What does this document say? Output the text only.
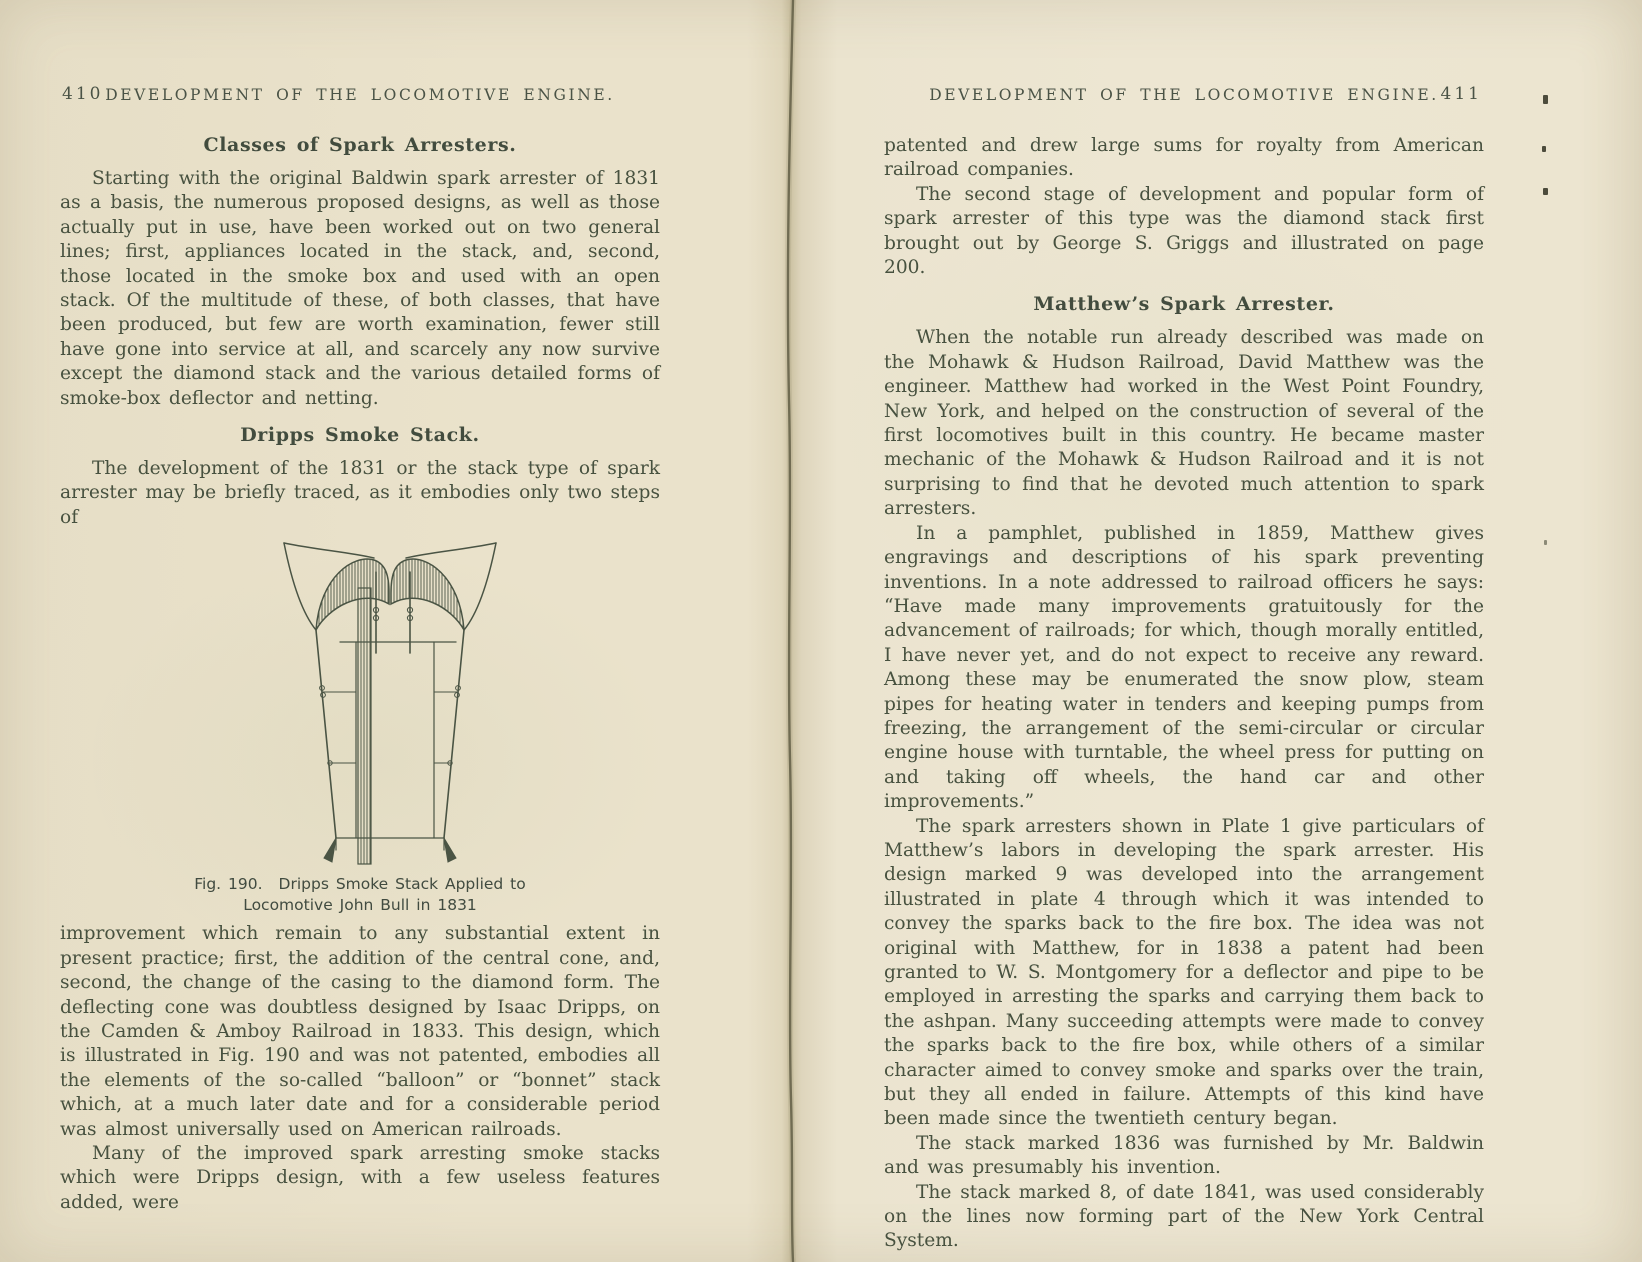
410 DEVELOPMENT OF THE LOCOMOTIVE ENGINE.
Classes of Spark Arresters.

Starting with the original Baldwin spark arrester of 1831 as a basis, the numerous proposed designs, as well as those actually put in use, have been worked out on two general lines; first, appliances located in the stack, and, second, those located in the smoke box and used with an open stack. Of the multitude of these, of both classes, that have been produced, but few are worth examination, fewer still have gone into service at all, and scarcely any now survive except the diamond stack and the various detailed forms of smoke-box deflector and netting.

Dripps Smoke Stack.

The development of the 1831 or the stack type of spark arrester may be briefly traced, as it embodies only two steps of

Fig. 190. Dripps Smoke Stack Applied to
Locomotive John Bull in 1831

improvement which remain to any substantial extent in present practice; first, the addition of the central cone, and, second, the change of the casing to the diamond form. The deflecting cone was doubtless designed by Isaac Dripps, on the Camden & Amboy Railroad in 1833. This design, which is illustrated in Fig. 190 and was not patented, embodies all the elements of the so-called “balloon” or “bonnet” stack which, at a much later date and for a considerable period was almost universally used on American railroads.

Many of the improved spark arresting smoke stacks which were Dripps design, with a few useless features added, were

DEVELOPMENT OF THE LOCOMOTIVE ENGINE. 411

patented and drew large sums for royalty from American railroad companies.

The second stage of development and popular form of spark arrester of this type was the diamond stack first brought out by George S. Griggs and illustrated on page 200.

Matthew’s Spark Arrester.

When the notable run already described was made on the Mohawk & Hudson Railroad, David Matthew was the engineer. Matthew had worked in the West Point Foundry, New York, and helped on the construction of several of the first locomotives built in this country. He became master mechanic of the Mohawk & Hudson Railroad and it is not surprising to find that he devoted much attention to spark arresters.

In a pamphlet, published in 1859, Matthew gives engravings and descriptions of his spark preventing inventions. In a note addressed to railroad officers he says: “Have made many improvements gratuitously for the advancement of railroads; for which, though morally entitled, I have never yet, and do not expect to receive any reward. Among these may be enumerated the snow plow, steam pipes for heating water in tenders and keeping pumps from freezing, the arrangement of the semi-circular or circular engine house with turntable, the wheel press for putting on and taking off wheels, the hand car and other improvements.”

The spark arresters shown in Plate 1 give particulars of Matthew’s labors in developing the spark arrester. His design marked 9 was developed into the arrangement illustrated in plate 4 through which it was intended to convey the sparks back to the fire box. The idea was not original with Matthew, for in 1838 a patent had been granted to W. S. Montgomery for a deflector and pipe to be employed in arresting the sparks and carrying them back to the ashpan. Many succeeding attempts were made to convey the sparks back to the fire box, while others of a similar character aimed to convey smoke and sparks over the train, but they all ended in failure. Attempts of this kind have been made since the twentieth century began.

The stack marked 1836 was furnished by Mr. Baldwin and was presumably his invention.

The stack marked 8, of date 1841, was used considerably on the lines now forming part of the New York Central System.
